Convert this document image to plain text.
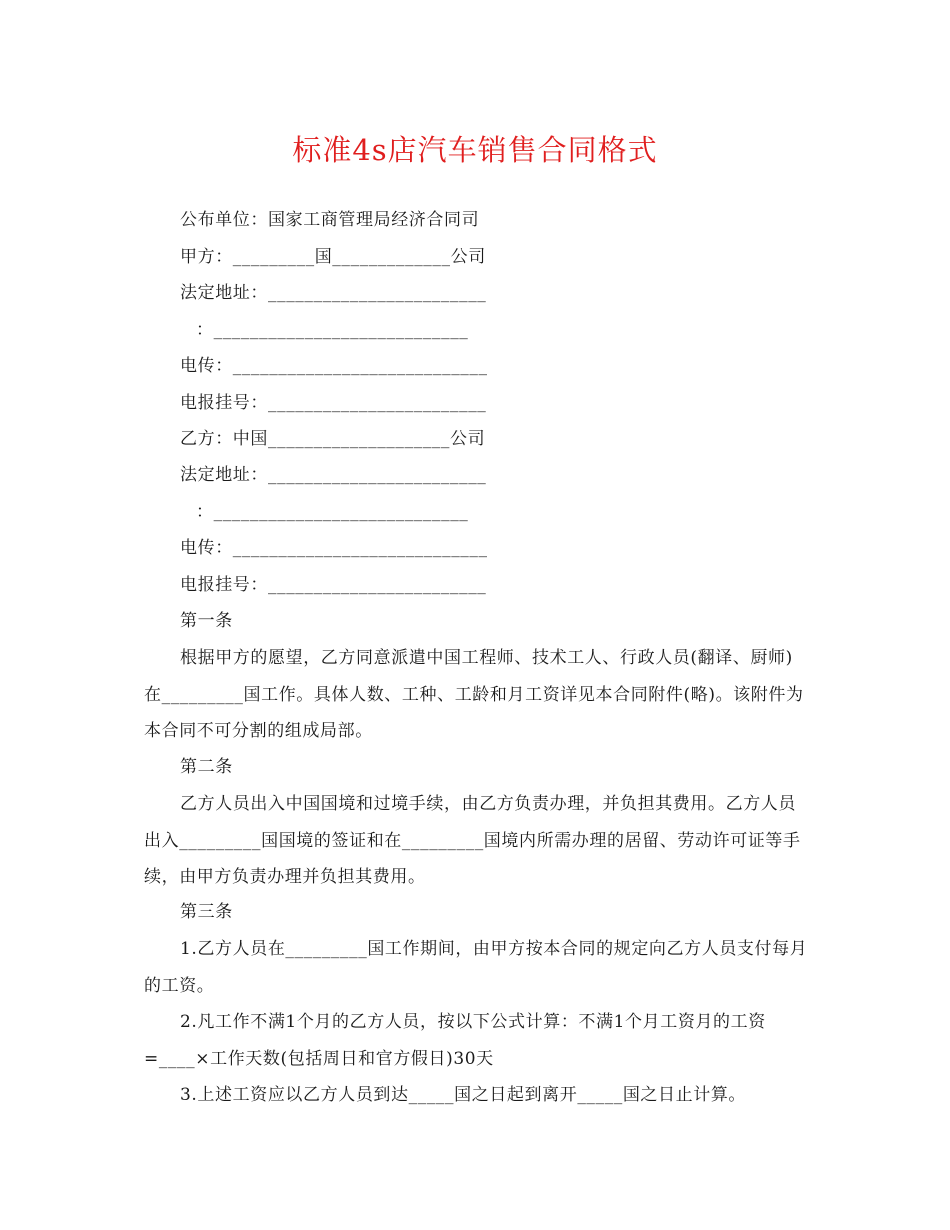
标准4s店汽车销售合同格式
公布单位：国家工商管理局经济合同司
甲方：_________国_____________公司
法定地址：________________________
：____________________________
电传：____________________________
电报挂号：________________________
乙方：中国____________________公司
法定地址：________________________
：____________________________
电传：____________________________
电报挂号：________________________
第一条
根据甲方的愿望，乙方同意派遣中国工程师、技术工人、行政人员(翻译、厨师)在_________国工作。具体人数、工种、工龄和月工资详见本合同附件(略)。该附件为本合同不可分割的组成局部。
第二条
乙方人员出入中国国境和过境手续，由乙方负责办理，并负担其费用。乙方人员出入_________国国境的签证和在_________国境内所需办理的居留、劳动许可证等手续，由甲方负责办理并负担其费用。
第三条
1.乙方人员在_________国工作期间，由甲方按本合同的规定向乙方人员支付每月的工资。
2.凡工作不满1个月的乙方人员，按以下公式计算：不满1个月工资月的工资=____×工作天数(包括周日和官方假日)30天
3.上述工资应以乙方人员到达_____国之日起到离开_____国之日止计算。
